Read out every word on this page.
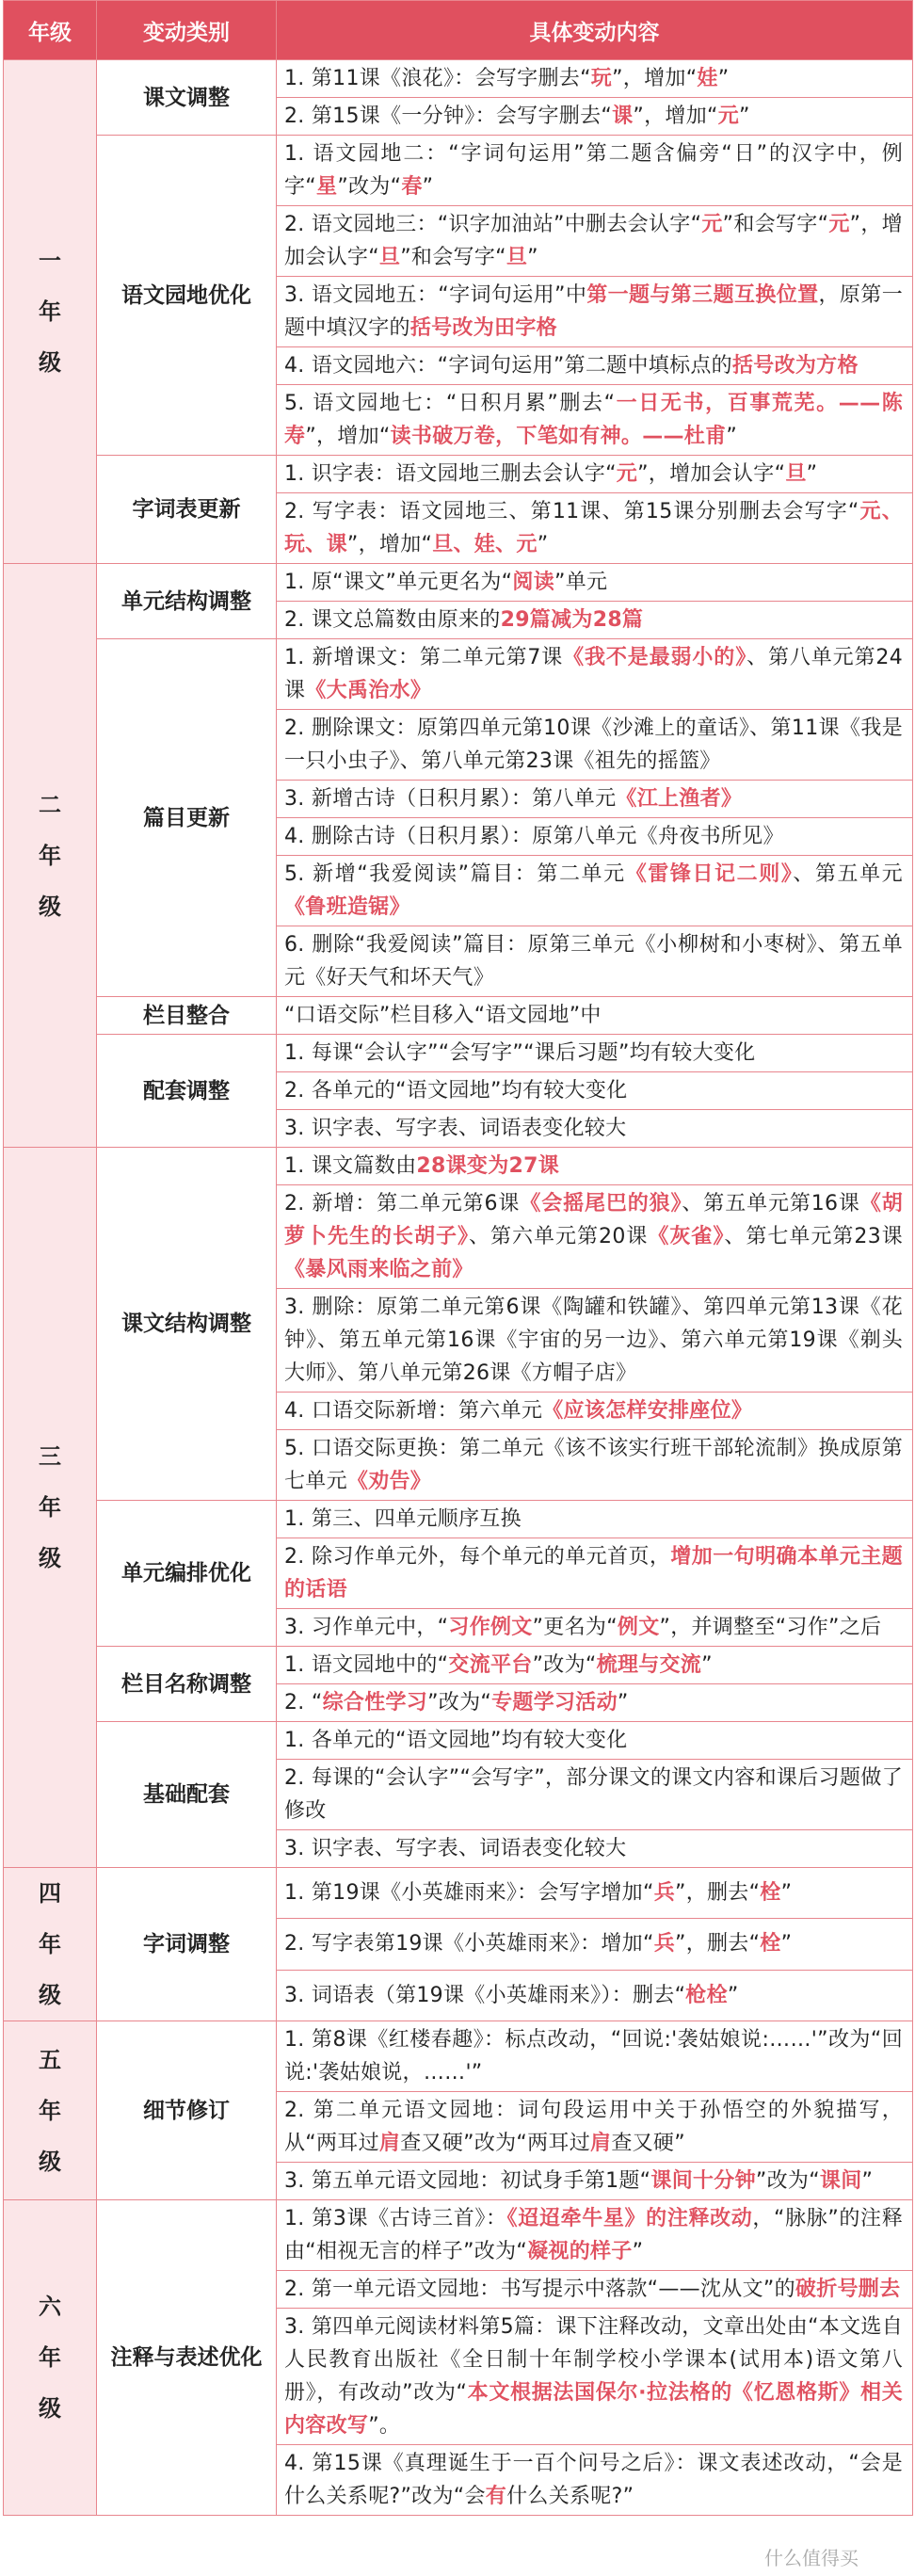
年级	变动类别	具体变动内容
一年级	课文调整	1. 第11课《浪花》：会写字删去“玩”，增加“娃”
		2. 第15课《一分钟》：会写字删去“课”，增加“元”
	语文园地优化	1. 语文园地二：“字词句运用”第二题含偏旁“日”的汉字中，例字“星”改为“春”
		2. 语文园地三：“识字加油站”中删去会认字“元”和会写字“元”，增加会认字“旦”和会写字“旦”
		3. 语文园地五：“字词句运用”中第一题与第三题互换位置，原第一题中填汉字的括号改为田字格
		4. 语文园地六：“字词句运用”第二题中填标点的括号改为方格
		5. 语文园地七：“日积月累”删去“一日无书，百事荒芜。——陈寿”，增加“读书破万卷，下笔如有神。——杜甫”
	字词表更新	1. 识字表：语文园地三删去会认字“元”，增加会认字“旦”
		2. 写字表：语文园地三、第11课、第15课分别删去会写字“元、玩、课”，增加“旦、娃、元”
二年级	单元结构调整	1. 原“课文”单元更名为“阅读”单元
		2. 课文总篇数由原来的29篇减为28篇
	篇目更新	1. 新增课文：第二单元第7课《我不是最弱小的》、第八单元第24课《大禹治水》
		2. 删除课文：原第四单元第10课《沙滩上的童话》、第11课《我是一只小虫子》、第八单元第23课《祖先的摇篮》
		3. 新增古诗（日积月累）：第八单元《江上渔者》
		4. 删除古诗（日积月累）：原第八单元《舟夜书所见》
		5. 新增“我爱阅读”篇目：第二单元《雷锋日记二则》、第五单元《鲁班造锯》
		6. 删除“我爱阅读”篇目：原第三单元《小柳树和小枣树》、第五单元《好天气和坏天气》
	栏目整合	“口语交际”栏目移入“语文园地”中
	配套调整	1. 每课“会认字”“会写字”“课后习题”均有较大变化
		2. 各单元的“语文园地”均有较大变化
		3. 识字表、写字表、词语表变化较大
三年级	课文结构调整	1. 课文篇数由28课变为27课
		2. 新增：第二单元第6课《会摇尾巴的狼》、第五单元第16课《胡萝卜先生的长胡子》、第六单元第20课《灰雀》、第七单元第23课《暴风雨来临之前》
		3. 删除：原第二单元第6课《陶罐和铁罐》、第四单元第13课《花钟》、第五单元第16课《宇宙的另一边》、第六单元第19课《剃头大师》、第八单元第26课《方帽子店》
		4. 口语交际新增：第六单元《应该怎样安排座位》
		5. 口语交际更换：第二单元《该不该实行班干部轮流制》换成原第七单元《劝告》
	单元编排优化	1. 第三、四单元顺序互换
		2. 除习作单元外，每个单元的单元首页，增加一句明确本单元主题的话语
		3. 习作单元中，“习作例文”更名为“例文”，并调整至“习作”之后
	栏目名称调整	1. 语文园地中的“交流平台”改为“梳理与交流”
		2. “综合性学习”改为“专题学习活动”
	基础配套	1. 各单元的“语文园地”均有较大变化
		2. 每课的“会认字”“会写字”，部分课文的课文内容和课后习题做了修改
		3. 识字表、写字表、词语表变化较大
四年级	字词调整	1. 第19课《小英雄雨来》：会写字增加“兵”，删去“栓”
		2. 写字表第19课《小英雄雨来》：增加“兵”，删去“栓”
		3. 词语表（第19课《小英雄雨来》）：删去“枪栓”
五年级	细节修订	1. 第8课《红楼春趣》：标点改动，“回说:'袭姑娘说:……'”改为“回说:'袭姑娘说，……'”
		2. 第二单元语文园地：词句段运用中关于孙悟空的外貌描写，从“两耳过肩查又硬”改为“两耳过肩查又硬”
		3. 第五单元语文园地：初试身手第1题“课间十分钟”改为“课间”
六年级	注释与表述优化	1. 第3课《古诗三首》：《迢迢牵牛星》的注释改动，“脉脉”的注释由“相视无言的样子”改为“凝视的样子”
		2. 第一单元语文园地：书写提示中落款“——沈从文”的破折号删去
		3. 第四单元阅读材料第5篇：课下注释改动，文章出处由“本文选自人民教育出版社《全日制十年制学校小学课本(试用本)语文第八册》，有改动”改为“本文根据法国保尔·拉法格的《忆恩格斯》相关内容改写”。
		4. 第15课《真理诞生于一百个问号之后》：课文表述改动，“会是什么关系呢?”改为“会有什么关系呢?”
什么值得买
